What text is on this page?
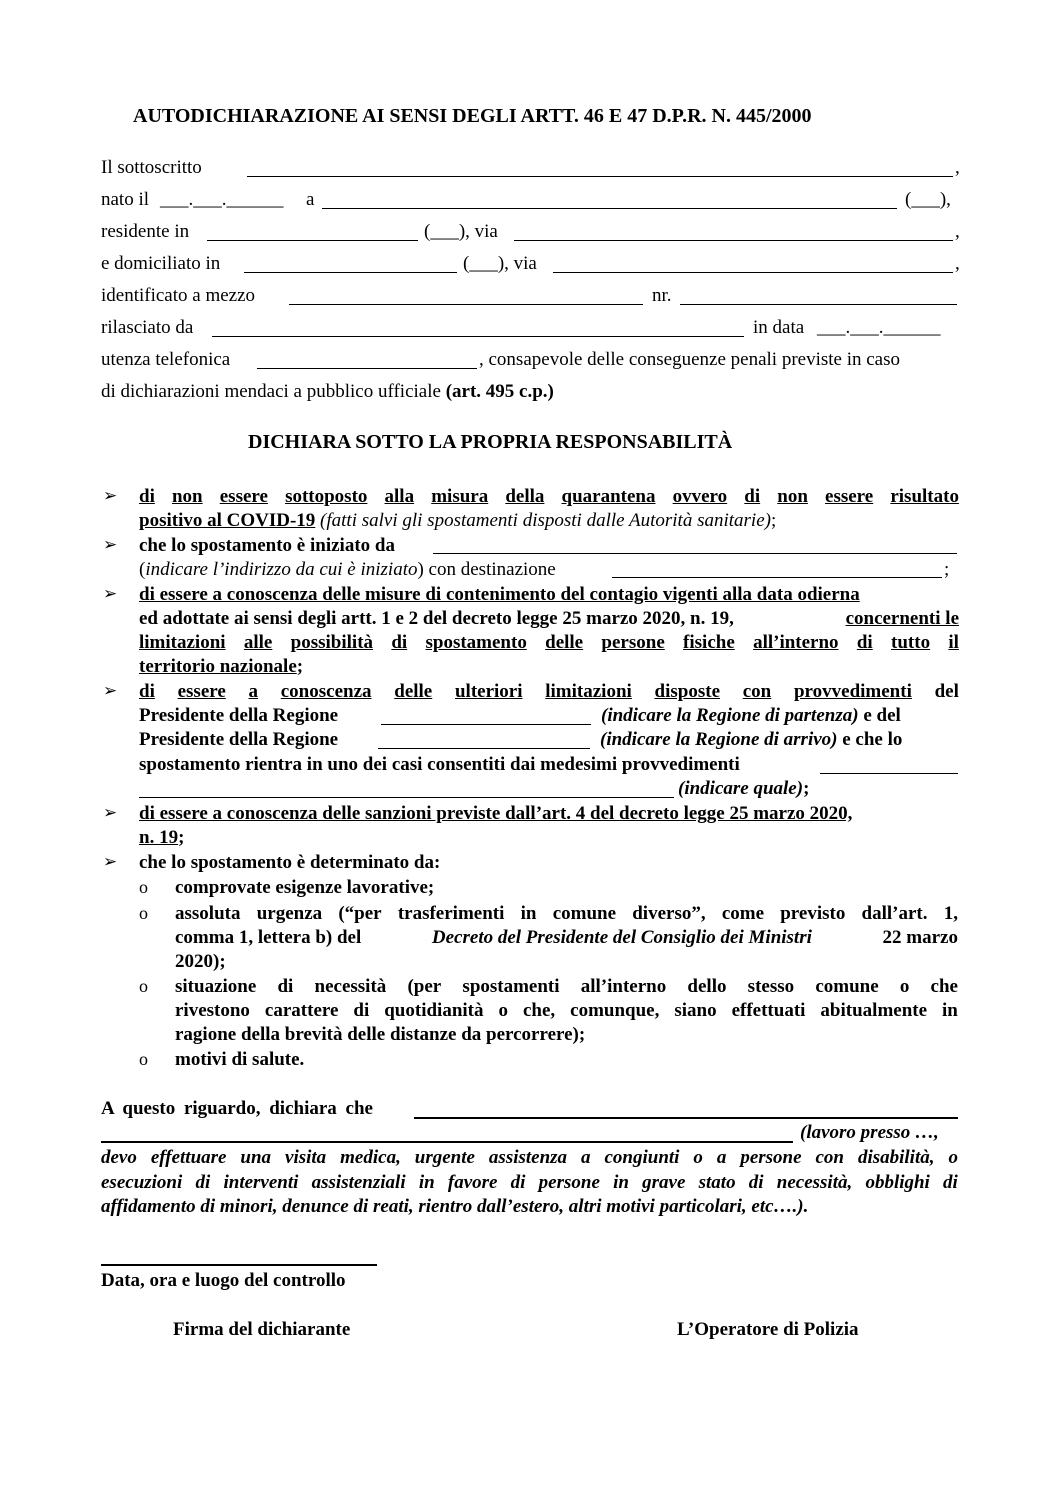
AUTODICHIARAZIONE AI SENSI DEGLI ARTT. 46 E 47 D.P.R. N. 445/2000
Il sottoscritto	,
nato il ___.___.______ a	(___),
residente in	(___), via	,
e domiciliato in	(___), via	,
identificato a mezzo	nr.
rilasciato da	in data ___.___.______
utenza telefonica	, consapevole delle conseguenze penali previste in caso
di dichiarazioni mendaci a pubblico ufficiale (art. 495 c.p.)
DICHIARA SOTTO LA PROPRIA RESPONSABILITÀ
➢ di non essere sottoposto alla misura della quarantena ovvero di non essere risultato
positivo al COVID-19 (fatti salvi gli spostamenti disposti dalle Autorità sanitarie);
➢ che lo spostamento è iniziato da
(indicare l’indirizzo da cui è iniziato) con destinazione	;
➢ di essere a conoscenza delle misure di contenimento del contagio vigenti alla data odierna
ed adottate ai sensi degli artt. 1 e 2 del decreto legge 25 marzo 2020, n. 19,	concernenti le
limitazioni alle possibilità di spostamento delle persone fisiche all’interno di tutto il
territorio nazionale;
➢ di essere a conoscenza delle ulteriori limitazioni disposte con provvedimenti del
Presidente della Regione	(indicare la Regione di partenza) e del
Presidente della Regione	(indicare la Regione di arrivo) e che lo
spostamento rientra in uno dei casi consentiti dai medesimi provvedimenti
(indicare quale);
➢ di essere a conoscenza delle sanzioni previste dall’art. 4 del decreto legge 25 marzo 2020,
n. 19;
➢ che lo spostamento è determinato da:
o comprovate esigenze lavorative;
o assoluta urgenza (“per trasferimenti in comune diverso”, come previsto dall’art. 1,
comma 1, lettera b) del	Decreto del Presidente del Consiglio dei Ministri	22 marzo
2020);
o situazione di necessità (per spostamenti all’interno dello stesso comune o che
rivestono carattere di quotidianità o che, comunque, siano effettuati abitualmente in
ragione della brevità delle distanze da percorrere);
o motivi di salute.
A questo riguardo, dichiara che
(lavoro presso …,
devo effettuare una visita medica, urgente assistenza a congiunti o a persone con disabilità, o
esecuzioni di interventi assistenziali in favore di persone in grave stato di necessità, obblighi di
affidamento di minori, denunce di reati, rientro dall’estero, altri motivi particolari, etc….).
Data, ora e luogo del controllo
Firma del dichiarante	L’Operatore di Polizia
